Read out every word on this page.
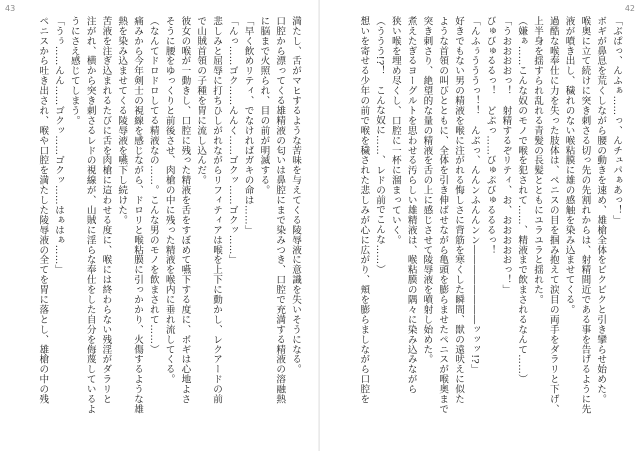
43
満たし、舌がマヒするような苦味を与えてくる陵辱液に意識を失いそうになる。
口腔から漂ってくる雄精液の匂いは鼻腔にまで染みつき、口腔で充満する精液の溶融熱
に脳まで火照られ、目の前が明滅する。
「早く飲めリティ、でなければガキの命は……」
「んっ……ゴク……んんく……ゴクッ……ゴクッ……」
悲しみと屈辱に打ちひしがれながらリフィティアは喉を上下に動かし、レクアードの前
で山賊首領の子種を胃に流し込んだ。
彼女の喉が一動きし、口腔に残った精液を舌をすぼめて嚥下する度に、ボギは心地よさ
そうに腰をゆっくりと前後させ、肉槍の中に残った精液を喉内に垂れ流してくる。
（なんてドロドロしてる精液なの……。こんな男のモノを飲まされて……）
痛みから今年剣士の視線を感じながら、ドロリと喉粘膜に引っかかり、火傷するような雄
熱を染み込ませてくる陵辱液を嚥下し続けた。
苦液を注ぎ込まれるたびに舌を肉槍に這わせる度に、喉には終わらない残淫がダラリと
注がれ、横から突き刺さるレドの視線が、山賊に淫らな奉仕をした自分を侮蔑しているよ
うにさえ感じてしまう。
「うぅ……んん……ゴクッ……ゴクッ……はぁはぁ……」
ペニスから吐き出され、喉や口腔を満たした陵辱液の全てを胃に落とし、雄槍の中の残
42
「ぶぱっ、んふぁ……っ、んチュパぁあっ！」
ボギが鼻息を荒くしながら腰の動きを速め、雄槍全体をビクビクと引き攣らせ始めた。
喉奥に立て続けに突き刺さる切っ先の先割れからは、射精間近である事を告げるように先
液が噴き出し、穢れのない喉粘膜に雄の感触を染み込ませてくる。
過酷な喉奉仕に力を失った肢体は、ペニスの目を掴み抱えて涙目の両手をダラリと下げ、
上半身を揺すられ乱れる青髪の長髪とともにユラユラと揺れた。
（嫌ぁ……こんな奴のモノで喉を犯されて……、精液まで飲まされるなんて……）
「うおおおおっ！　射精するぞリティ、お、おおおおおっ！」
びゅびゅるるっ！　どぷっ……びゅぷびゅるるるっ！
「んふぅうううっ！！　んぶっ、んんンふんんンン――――――――ッッッ!?」
好きでもない男の精液を喉に注がれる悔しさに背筋を寒くした瞬間、獣の遠吠えに似た
ような首領の叫びとともに、全体を引き伸ばせながら亀頭を膨らませたペニスが喉奥まで
突き刺さり、絶望的な量の精液を舌の上に感じさせて陵辱液を噴射し始めた。
煮えたぎるヨーグルトを思わせる汚らしい雄精液は、喉粘膜の隅々に染み込みながら
狭い喉を埋め尽くし、口腔に一杯に溜まっていく。
（ううう!?！　こんな奴に……、レドの前でこんな……）
想いを寄せる少年の前で喉を穢された悲しみが心に広がり、頬を膨らましながら口腔を
